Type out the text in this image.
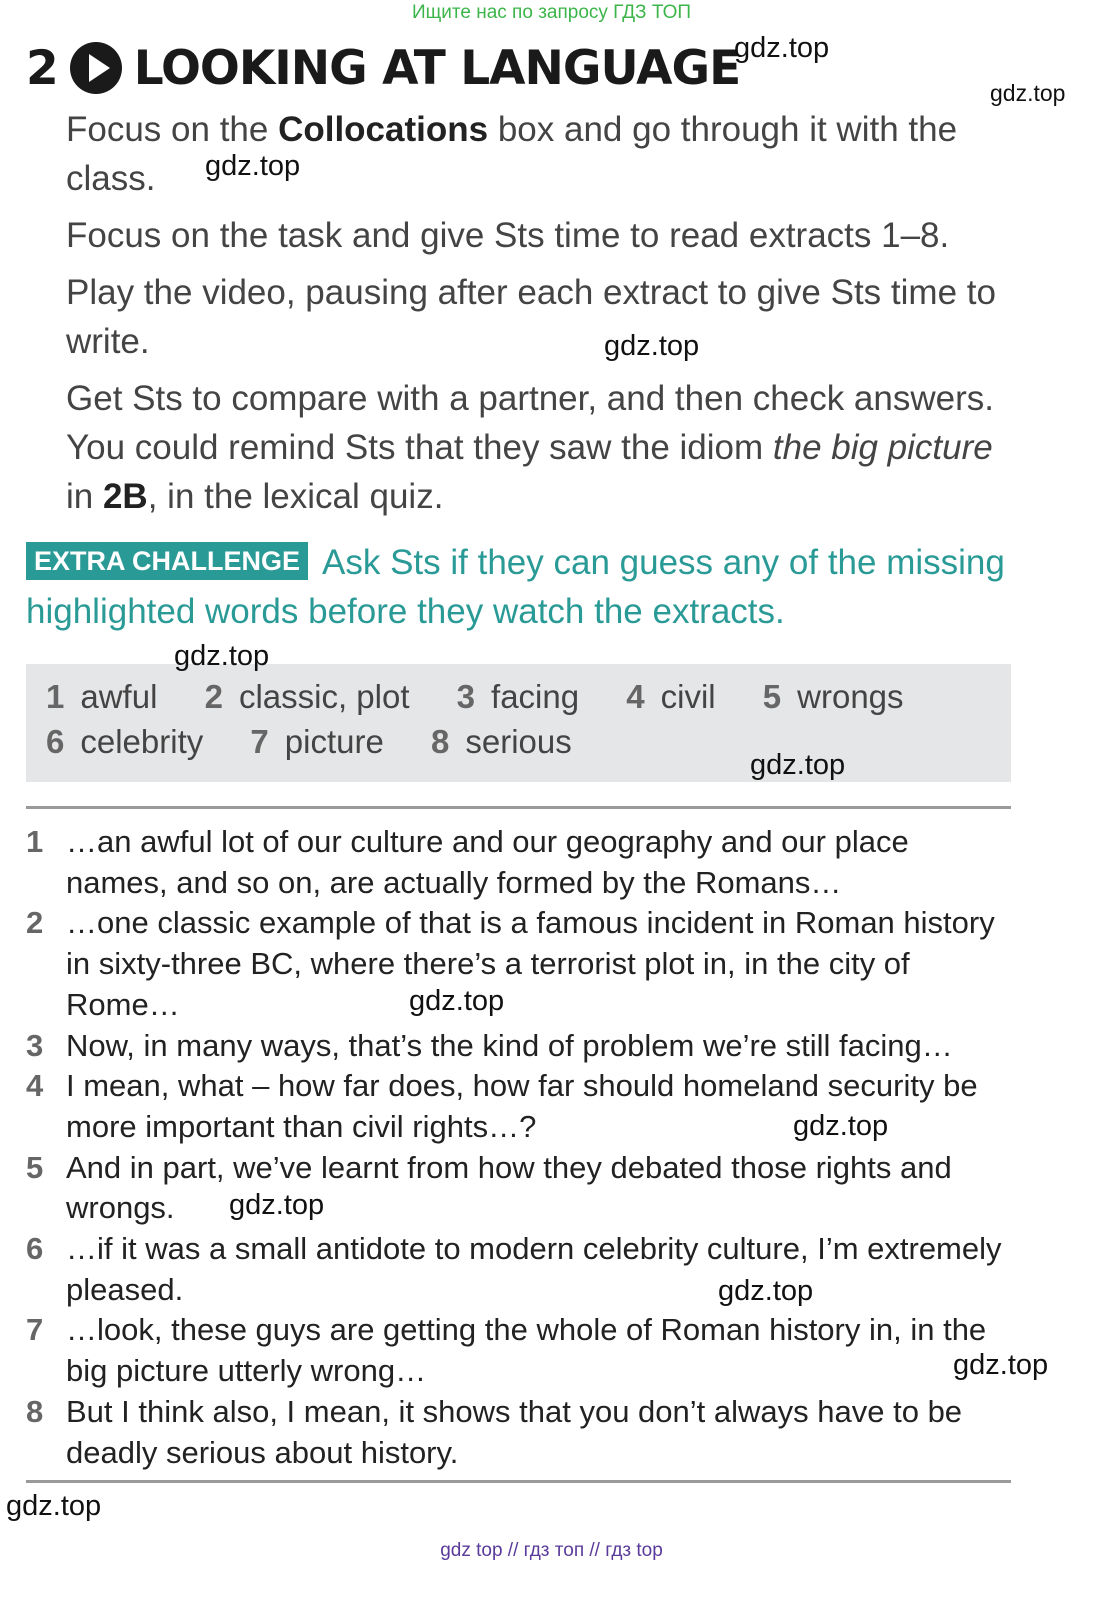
Ищите нас по запросу ГДЗ ТОП
2 LOOKING AT LANGUAGE

Focus on the Collocations box and go through it with the class.

Focus on the task and give Sts time to read extracts 1–8.

Play the video, pausing after each extract to give Sts time to write.

Get Sts to compare with a partner, and then check answers. You could remind Sts that they saw the idiom the big picture in 2B, in the lexical quiz.

EXTRA CHALLENGE Ask Sts if they can guess any of the missing highlighted words before they watch the extracts.
1 awful 2 classic, plot 3 facing 4 civil 5 wrongs
6 celebrity 7 picture 8 serious
1 …an awful lot of our culture and our geography and our place names, and so on, are actually formed by the Romans…
2 …one classic example of that is a famous incident in Roman history in sixty-three BC, where there’s a terrorist plot in, in the city of Rome…
3 Now, in many ways, that’s the kind of problem we’re still facing…
4 I mean, what – how far does, how far should homeland security be more important than civil rights…?
5 And in part, we’ve learnt from how they debated those rights and wrongs.
6 …if it was a small antidote to modern celebrity culture, I’m extremely pleased.
7 …look, these guys are getting the whole of Roman history in, in the big picture utterly wrong…
8 But I think also, I mean, it shows that you don’t always have to be deadly serious about history.
gdz.top
gdz.top
gdz.top
gdz.top
gdz.top
gdz.top
gdz.top
gdz.top
gdz.top
gdz.top
gdz.top
gdz.top
gdz top // гдз топ // гдз top
